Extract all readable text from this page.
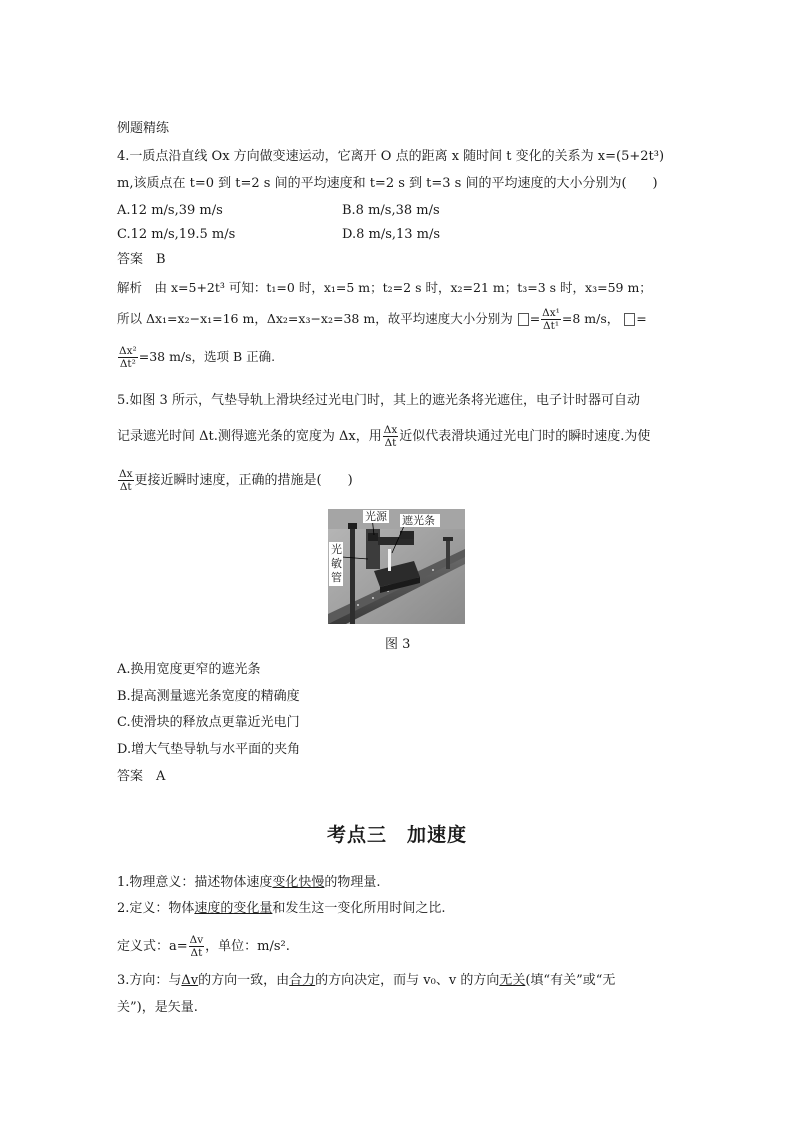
例题精练
4.一质点沿直线 Ox 方向做变速运动，它离开 O 点的距离 x 随时间 t 变化的关系为 x=(5+2t³)
m,该质点在 t=0 到 t=2 s 间的平均速度和 t=2 s 到 t=3 s 间的平均速度的大小分别为(　　)
A.12 m/s,39 m/s	B.8 m/s,38 m/s
C.12 m/s,19.5 m/s	D.8 m/s,13 m/s
答案　B
解析　由 x=5+2t³ 可知：t₁=0 时，x₁=5 m；t₂=2 s 时，x₂=21 m；t₃=3 s 时，x₃=59 m；
所以 Δx₁=x₂−x₁=16 m，Δx₂=x₃−x₂=38 m，故平均速度大小分别为 = $\frac{\text{Δx¹}}{\text{Δt¹}} =8$ m/s， =
$\frac{\text{Δx²}}{\text{Δt²}} =38$ m/s，选项 B 正确.
5.如图 3 所示，气垫导轨上滑块经过光电门时，其上的遮光条将光遮住，电子计时器可自动
记录遮光时间 Δt.测得遮光条的宽度为 Δx，用 $\frac{\Delta x}{\Delta t}$ 近似代表滑块通过光电门时的瞬时速度.为使
$\frac{\Delta x}{\Delta t}$ 更接近瞬时速度，正确的措施是(　　)
光源 遮光条
光敏管
图 3
A.换用宽度更窄的遮光条
B.提高测量遮光条宽度的精确度
C.使滑块的释放点更靠近光电门
D.增大气垫导轨与水平面的夹角
答案　A
考点三　加速度
1.物理意义：描述物体速度变化快慢的物理量.
2.定义：物体速度的变化量和发生这一变化所用时间之比.
定义式：$a= \frac{\Delta v}{\Delta t}$ ，单位：m/s².
3.方向：与Δv的方向一致，由合力的方向决定，而与 v₀、v 的方向无关(填“有关”或“无
关”)，是矢量.
